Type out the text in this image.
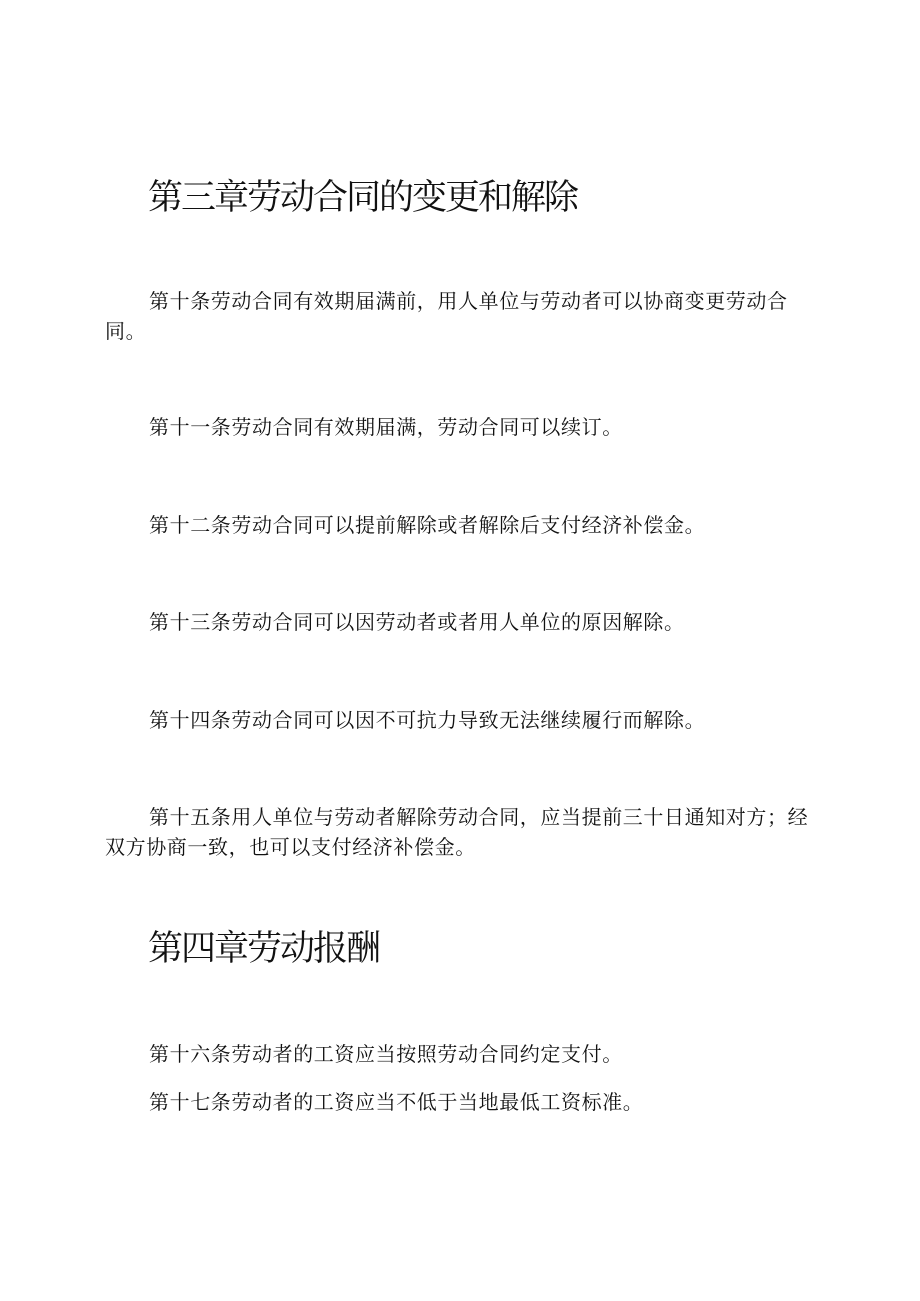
第三章劳动合同的变更和解除

第十条劳动合同有效期届满前，用人单位与劳动者可以协商变更劳动合同。

第十一条劳动合同有效期届满，劳动合同可以续订。

第十二条劳动合同可以提前解除或者解除后支付经济补偿金。

第十三条劳动合同可以因劳动者或者用人单位的原因解除。

第十四条劳动合同可以因不可抗力导致无法继续履行而解除。

第十五条用人单位与劳动者解除劳动合同，应当提前三十日通知对方；经双方协商一致，也可以支付经济补偿金。

第四章劳动报酬

第十六条劳动者的工资应当按照劳动合同约定支付。

第十七条劳动者的工资应当不低于当地最低工资标准。
